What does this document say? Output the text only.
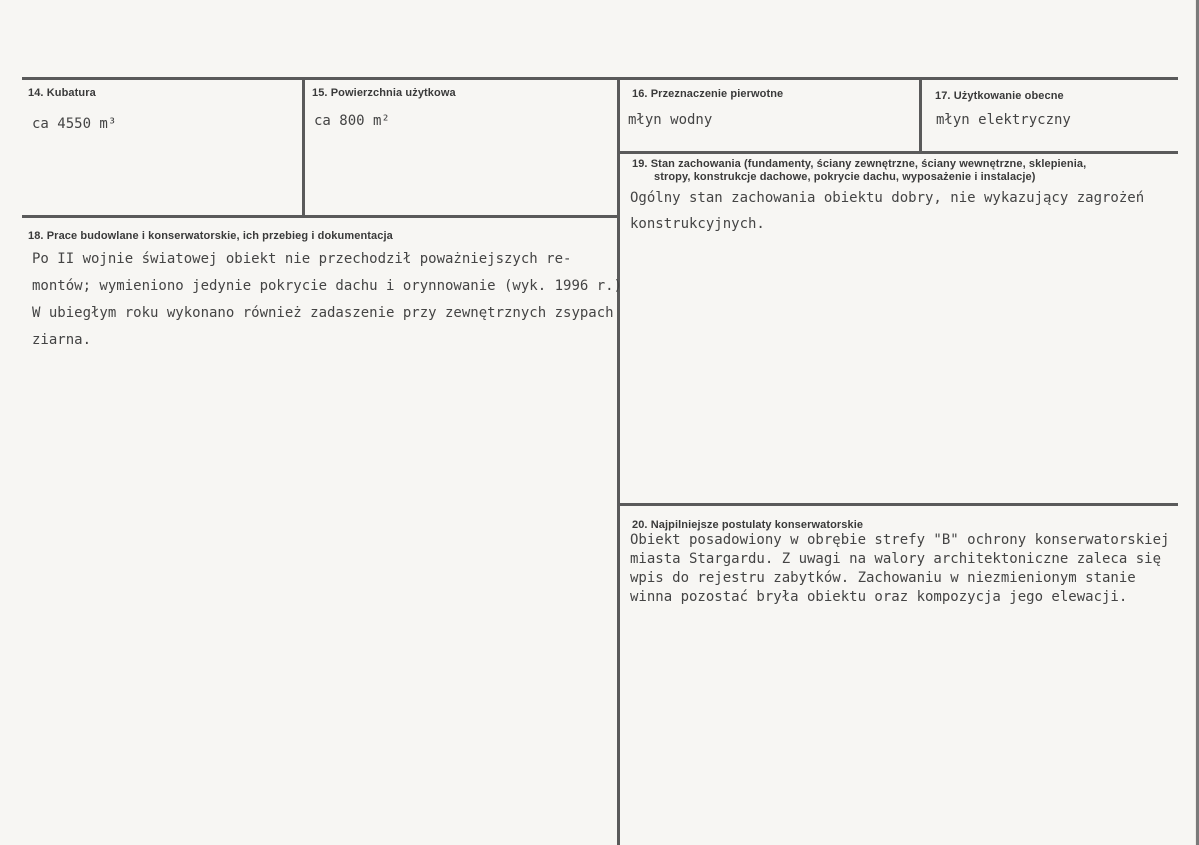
14. Kubatura
ca 4550 m³
15. Powierzchnia użytkowa
ca 800 m²
16. Przeznaczenie pierwotne
młyn wodny
17. Użytkowanie obecne
młyn elektryczny
18. Prace budowlane i konserwatorskie, ich przebieg i dokumentacja
Po II wojnie światowej obiekt nie przechodził poważniejszych re-
montów; wymieniono jedynie pokrycie dachu i orynnowanie (wyk. 1996 r.)
W ubiegłym roku wykonano również zadaszenie przy zewnętrznych zsypach
ziarna.
19. Stan zachowania (fundamenty, ściany zewnętrzne, ściany wewnętrzne, sklepienia,
stropy, konstrukcje dachowe, pokrycie dachu, wyposażenie i instalacje)
Ogólny stan zachowania obiektu dobry, nie wykazujący zagrożeń
konstrukcyjnych.
20. Najpilniejsze postulaty konserwatorskie
Obiekt posadowiony w obrębie strefy "B" ochrony konserwatorskiej
miasta Stargardu. Z uwagi na walory architektoniczne zaleca się
wpis do rejestru zabytków. Zachowaniu w niezmienionym stanie
winna pozostać bryła obiektu oraz kompozycja jego elewacji.
